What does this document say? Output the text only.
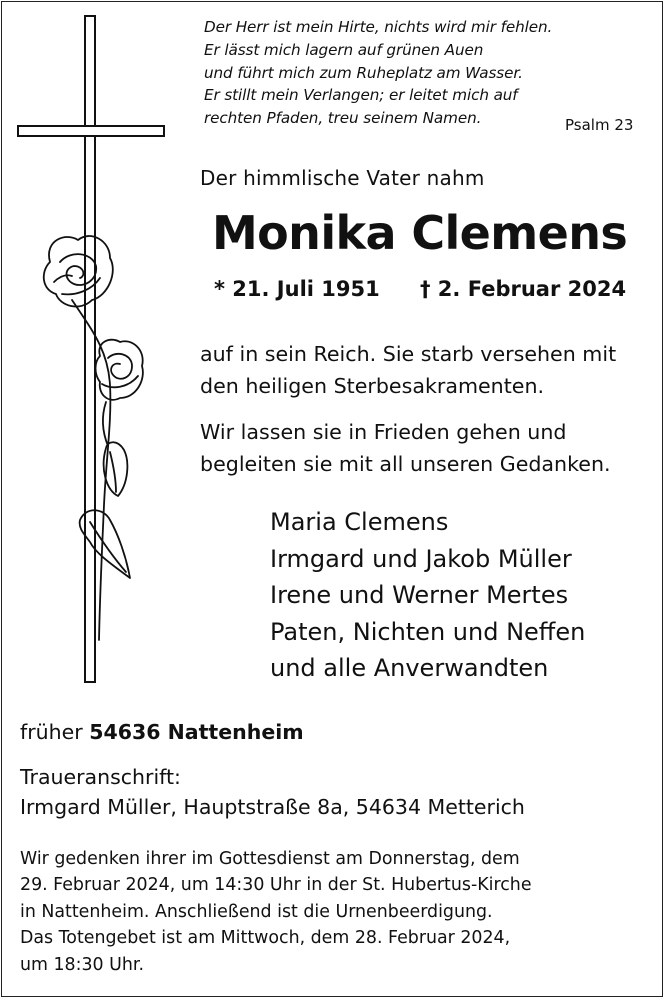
Der Herr ist mein Hirte, nichts wird mir fehlen.
Er lässt mich lagern auf grünen Auen
und führt mich zum Ruheplatz am Wasser.
Er stillt mein Verlangen; er leitet mich auf
rechten Pfaden, treu seinem Namen.	Psalm 23
Der himmlische Vater nahm
Monika Clemens
* 21. Juli 1951 † 2. Februar 2024
auf in sein Reich. Sie starb versehen mit
den heiligen Sterbesakramenten.
Wir lassen sie in Frieden gehen und
begleiten sie mit all unseren Gedanken.
Maria Clemens
Irmgard und Jakob Müller
Irene und Werner Mertes
Paten, Nichten und Neffen
und alle Anverwandten
früher 54636 Nattenheim
Traueranschrift:
Irmgard Müller, Hauptstraße 8a, 54634 Metterich
Wir gedenken ihrer im Gottesdienst am Donnerstag, dem
29. Februar 2024, um 14:30 Uhr in der St. Hubertus-Kirche
in Nattenheim. Anschließend ist die Urnenbeerdigung.
Das Totengebet ist am Mittwoch, dem 28. Februar 2024,
um 18:30 Uhr.
